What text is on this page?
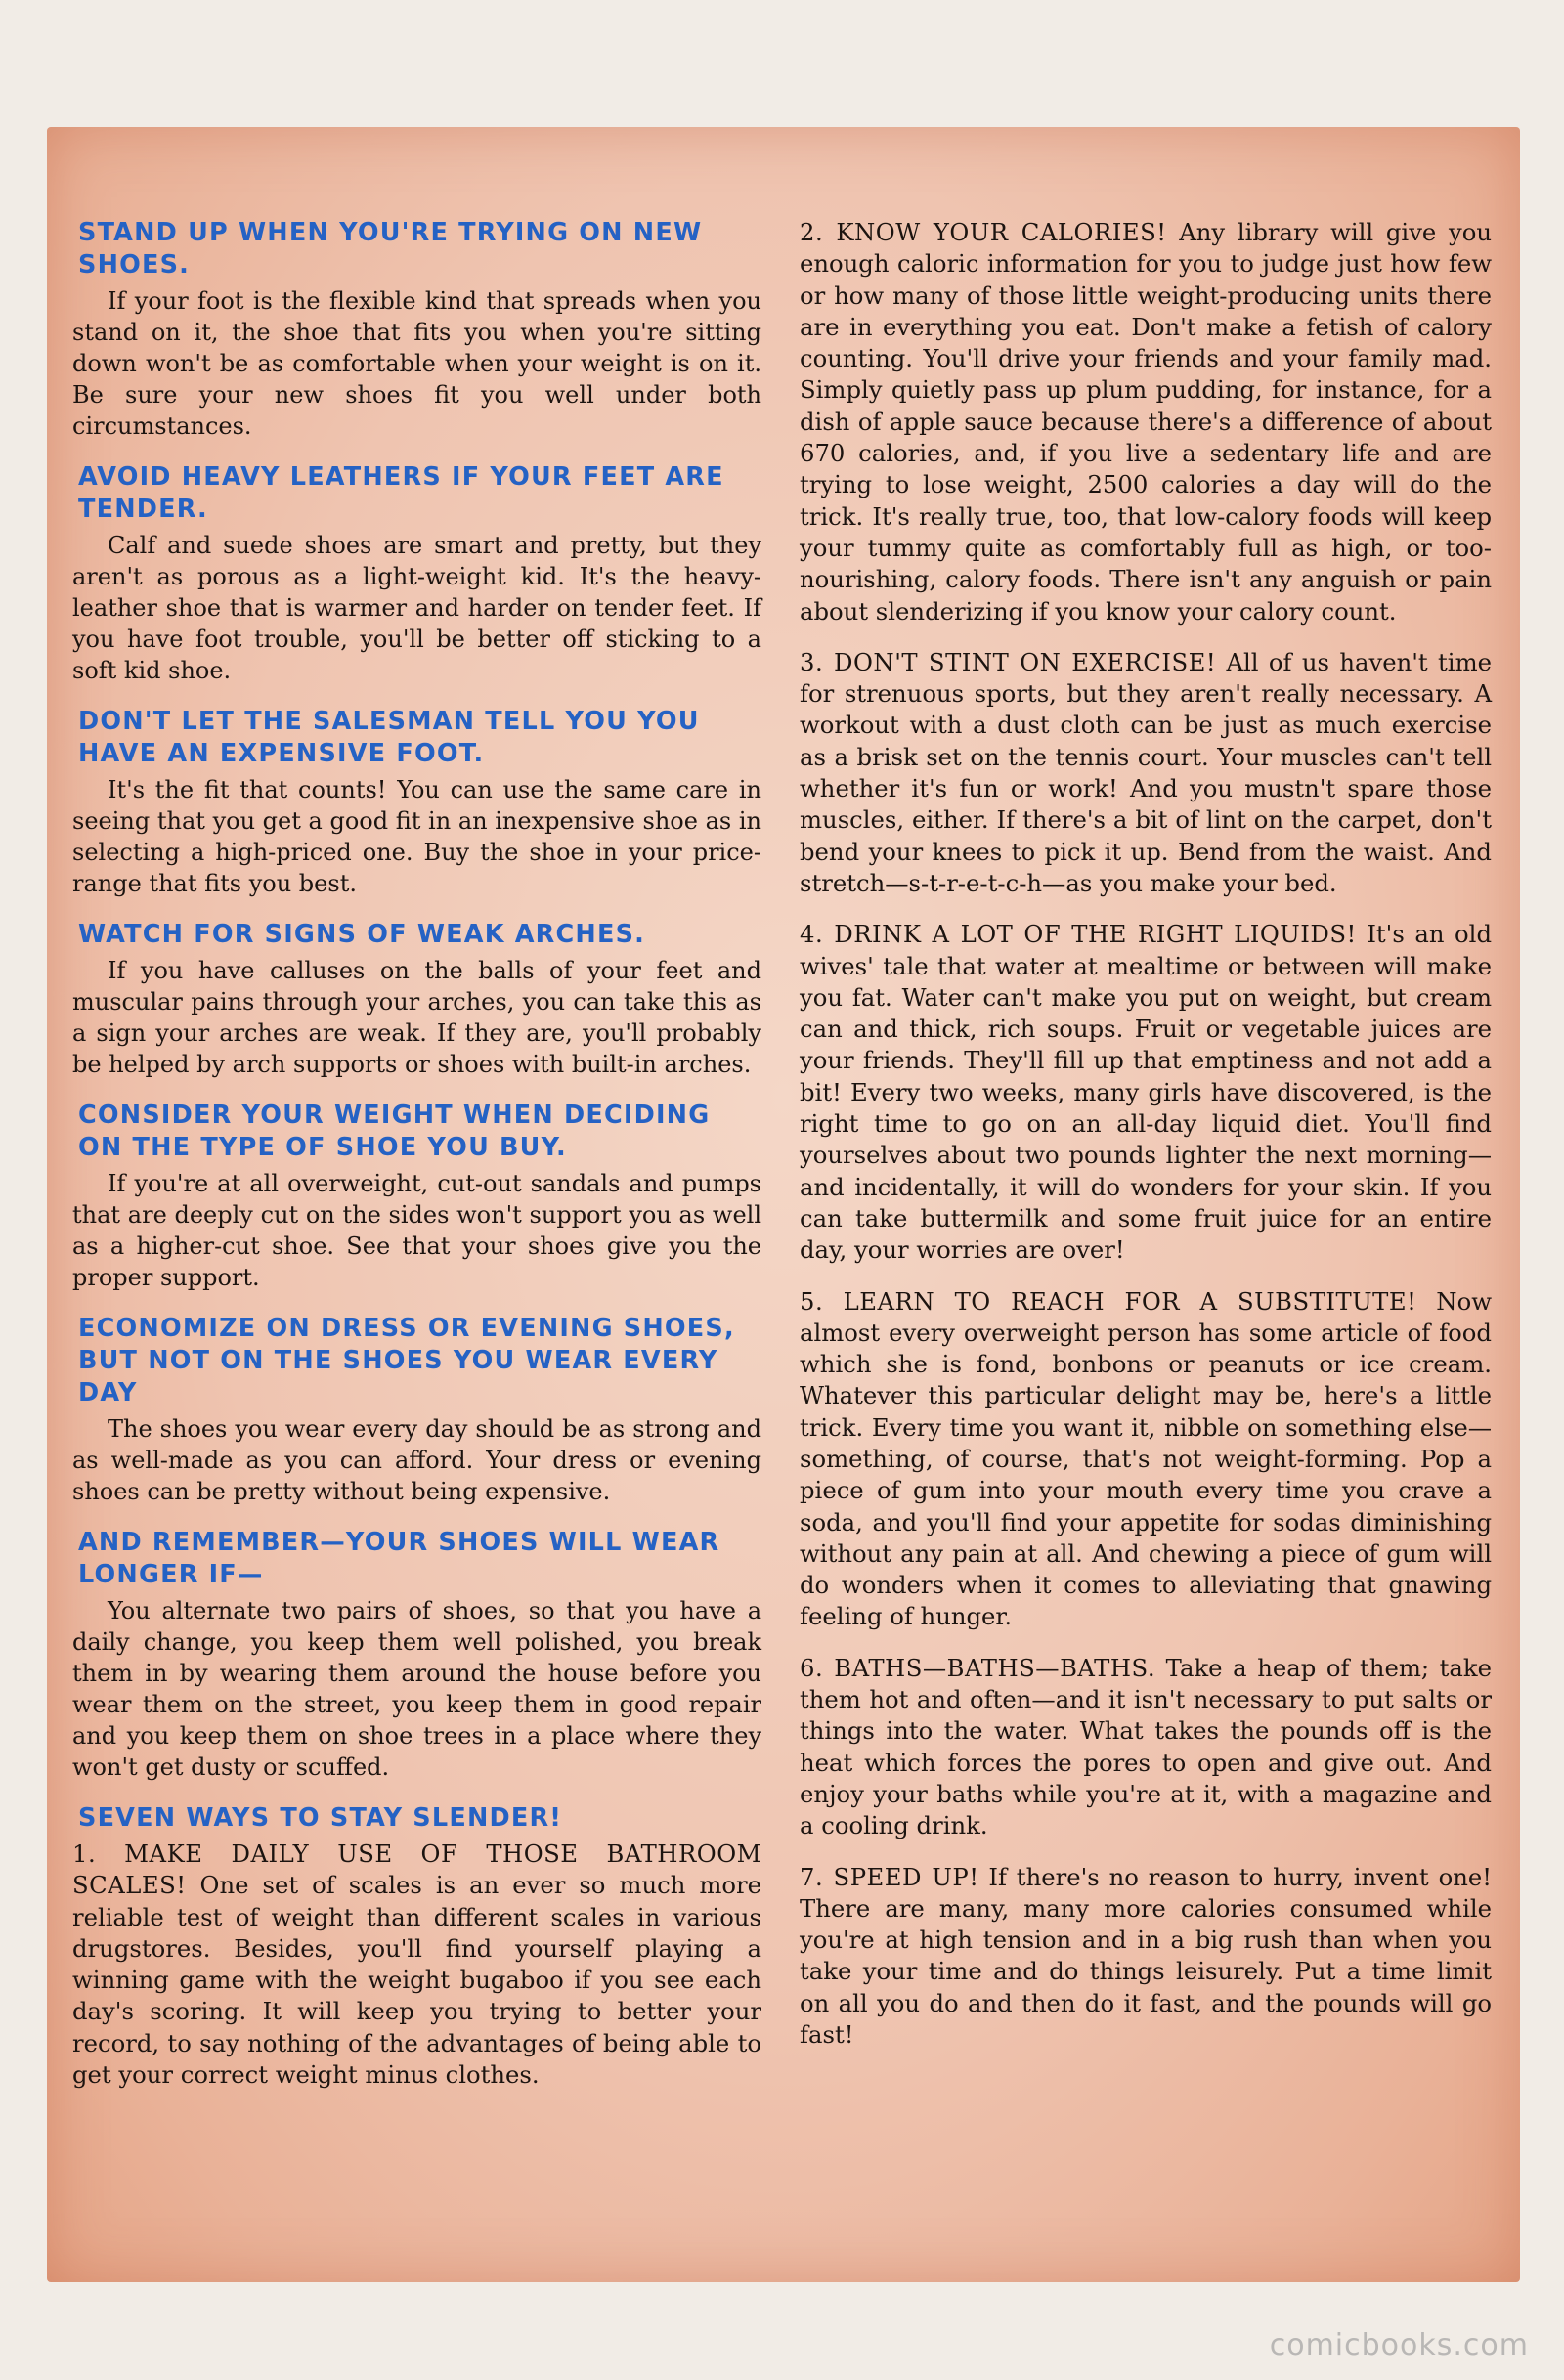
STAND UP WHEN YOU'RE TRYING ON NEW SHOES.

If your foot is the flexible kind that spreads when you stand on it, the shoe that fits you when you're sitting down won't be as comfortable when your weight is on it. Be sure your new shoes fit you well under both circumstances.

AVOID HEAVY LEATHERS IF YOUR FEET ARE TENDER.

Calf and suede shoes are smart and pretty, but they aren't as porous as a light-weight kid. It's the heavy-leather shoe that is warmer and harder on tender feet. If you have foot trouble, you'll be better off sticking to a soft kid shoe.

DON'T LET THE SALESMAN TELL YOU YOU HAVE AN EXPENSIVE FOOT.

It's the fit that counts! You can use the same care in seeing that you get a good fit in an inexpensive shoe as in selecting a high-priced one. Buy the shoe in your price-range that fits you best.

WATCH FOR SIGNS OF WEAK ARCHES.

If you have calluses on the balls of your feet and muscular pains through your arches, you can take this as a sign your arches are weak. If they are, you'll probably be helped by arch supports or shoes with built-in arches.

CONSIDER YOUR WEIGHT WHEN DECIDING ON THE TYPE OF SHOE YOU BUY.

If you're at all overweight, cut-out sandals and pumps that are deeply cut on the sides won't support you as well as a higher-cut shoe. See that your shoes give you the proper support.

ECONOMIZE ON DRESS OR EVENING SHOES, BUT NOT ON THE SHOES YOU WEAR EVERY DAY

The shoes you wear every day should be as strong and as well-made as you can afford. Your dress or evening shoes can be pretty without being expensive.

AND REMEMBER—YOUR SHOES WILL WEAR LONGER IF—

You alternate two pairs of shoes, so that you have a daily change, you keep them well polished, you break them in by wearing them around the house before you wear them on the street, you keep them in good repair and you keep them on shoe trees in a place where they won't get dusty or scuffed.

SEVEN WAYS TO STAY SLENDER!

1. MAKE DAILY USE OF THOSE BATHROOM SCALES! One set of scales is an ever so much more reliable test of weight than different scales in various drugstores. Besides, you'll find yourself playing a winning game with the weight bugaboo if you see each day's scoring. It will keep you trying to better your record, to say nothing of the advantages of being able to get your correct weight minus clothes.

2. KNOW YOUR CALORIES! Any library will give you enough caloric information for you to judge just how few or how many of those little weight-producing units there are in everything you eat. Don't make a fetish of calory counting. You'll drive your friends and your family mad. Simply quietly pass up plum pudding, for instance, for a dish of apple sauce because there's a difference of about 670 calories, and, if you live a sedentary life and are trying to lose weight, 2500 calories a day will do the trick. It's really true, too, that low-calory foods will keep your tummy quite as comfortably full as high, or too-nourishing, calory foods. There isn't any anguish or pain about slenderizing if you know your calory count.

3. DON'T STINT ON EXERCISE! All of us haven't time for strenuous sports, but they aren't really necessary. A workout with a dust cloth can be just as much exercise as a brisk set on the tennis court. Your muscles can't tell whether it's fun or work! And you mustn't spare those muscles, either. If there's a bit of lint on the carpet, don't bend your knees to pick it up. Bend from the waist. And stretch—s-t-r-e-t-c-h—as you make your bed.

4. DRINK A LOT OF THE RIGHT LIQUIDS! It's an old wives' tale that water at mealtime or between will make you fat. Water can't make you put on weight, but cream can and thick, rich soups. Fruit or vegetable juices are your friends. They'll fill up that emptiness and not add a bit! Every two weeks, many girls have discovered, is the right time to go on an all-day liquid diet. You'll find yourselves about two pounds lighter the next morning—and incidentally, it will do wonders for your skin. If you can take buttermilk and some fruit juice for an entire day, your worries are over!

5. LEARN TO REACH FOR A SUBSTITUTE! Now almost every overweight person has some article of food which she is fond, bonbons or peanuts or ice cream. Whatever this particular delight may be, here's a little trick. Every time you want it, nibble on something else—something, of course, that's not weight-forming. Pop a piece of gum into your mouth every time you crave a soda, and you'll find your appetite for sodas diminishing without any pain at all. And chewing a piece of gum will do wonders when it comes to alleviating that gnawing feeling of hunger.

6. BATHS—BATHS—BATHS. Take a heap of them; take them hot and often—and it isn't necessary to put salts or things into the water. What takes the pounds off is the heat which forces the pores to open and give out. And enjoy your baths while you're at it, with a magazine and a cooling drink.

7. SPEED UP! If there's no reason to hurry, invent one! There are many, many more calories consumed while you're at high tension and in a big rush than when you take your time and do things leisurely. Put a time limit on all you do and then do it fast, and the pounds will go fast!

comicbooks.com
